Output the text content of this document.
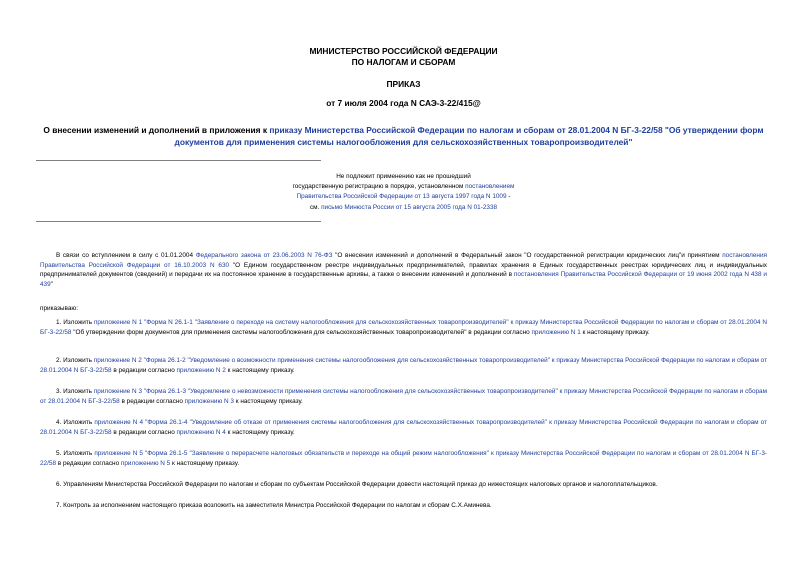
МИНИСТЕРСТВО РОССИЙСКОЙ ФЕДЕРАЦИИ
ПО НАЛОГАМ И СБОРАМ
ПРИКАЗ
от 7 июля 2004 года N САЭ-3-22/415@
О внесении изменений и дополнений в приложения к приказу Министерства Российской Федерации по налогам и сборам от 28.01.2004 N БГ-3-22/58 "Об утверждении форм документов для применения системы налогообложения для сельскохозяйственных товаропроизводителей"
Не подлежит применению как не прошедший
государственную регистрацию в порядке, установленном постановлением
Правительства Российской Федерации от 13 августа 1997 года N 1009 -
см. письмо Минюста России от 15 августа 2005 года N 01-2338
В связи со вступлением в силу с 01.01.2004 Федерального закона от 23.06.2003 N 76-ФЗ "О внесении изменений и дополнений в Федеральный закон "О государственной регистрации юридических лиц"и принятием постановления Правительства Российской Федерации от 16.10.2003 N 630 "О Едином государственном реестре индивидуальных предпринимателей, правилах хранения в Единых государственных реестрах юридических лиц и индивидуальных предпринимателей документов (сведений) и передачи их на постоянное хранение в государственные архивы, а также о внесении изменений и дополнений в постановления Правительства Российской Федерации от 19 июня 2002 года N 438 и 439"
приказываю:
1. Изложить приложение N 1 "Форма N 26.1-1 "Заявление о переходе на систему налогообложения для сельскохозяйственных товаропроизводителей" к приказу Министерства Российской Федерации по налогам и сборам от 28.01.2004 N БГ-3-22/58 "Об утверждении форм документов для применения системы налогообложения для сельскохозяйственных товаропроизводителей" в редакции согласно приложению N 1 к настоящему приказу.
2. Изложить приложение N 2 "Форма 26.1-2 "Уведомление о возможности применения системы налогообложения для сельскохозяйственных товаропроизводителей" к приказу Министерства Российской Федерации по налогам и сборам от 28.01.2004 N БГ-3-22/58 в редакции согласно приложению N 2 к настоящему приказу.
3. Изложить приложение N 3 "Форма 26.1-3 "Уведомление о невозможности применения системы налогообложения для сельскохозяйственных товаропроизводителей" к приказу Министерства Российской Федерации по налогам и сборам от 28.01.2004 N БГ-3-22/58 в редакции согласно приложению N 3 к настоящему приказу.
4. Изложить приложение N 4 "Форма 26.1-4 "Уведомление об отказе от применения системы налогообложения для сельскохозяйственных товаропроизводителей" к приказу Министерства Российской Федерации по налогам и сборам от 28.01.2004 N БГ-3-22/58 в редакции согласно приложению N 4 к настоящему приказу.
5. Изложить приложение N 5 "Форма 26.1-5 "Заявление о перерасчете налоговых обязательств и переходе на общий режим налогообложения" к приказу Министерства Российской Федерации по налогам и сборам от 28.01.2004 N БГ-3-22/58 в редакции согласно приложению N 5 к настоящему приказу.
6. Управлениям Министерства Российской Федерации по налогам и сборам по субъектам Российской Федерации довести настоящий приказ до нижестоящих налоговых органов и налогоплательщиков.
7. Контроль за исполнением настоящего приказа возложить на заместителя Министра Российской Федерации по налогам и сборам С.Х.Аминева.
